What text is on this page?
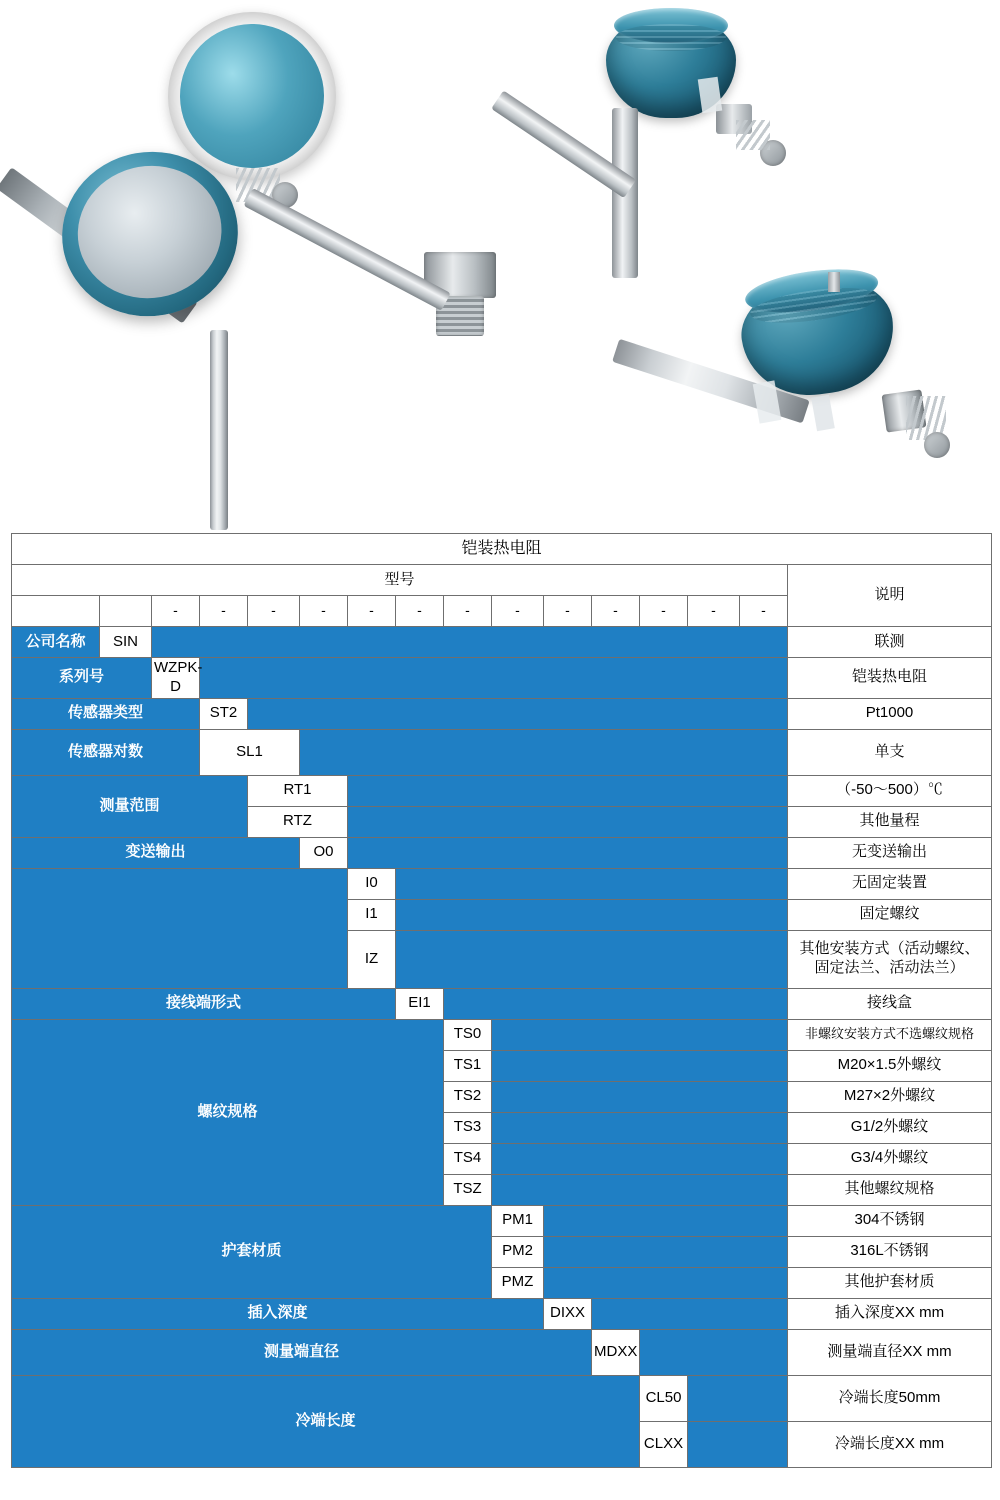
铠装热电阻															
型号															说明
		-	-	-	-	-	-	-	-	-	-	-	-	-	
公司名称	SIN														联测
系列号		WZPK-D													铠装热电阻
传感器类型			ST2												Pt1000
传感器对数			SL1												单支
测量范围				RT1											（-50～500）℃
				RTZ											其他量程
变送输出					O0										无变送输出
						I0									无固定装置
						I1									固定螺纹
						IZ									其他安装方式（活动螺纹、
固定法兰、活动法兰）

接线端形式							EI1								接线盒
螺纹规格								TS0							非螺纹安装方式不选螺纹规格
								TS1							M20×1.5外螺纹
								TS2							M27×2外螺纹
								TS3							G1/2外螺纹
								TS4							G3/4外螺纹
								TSZ							其他螺纹规格
护套材质									PM1						304不锈钢
									PM2						316L不锈钢
									PMZ						其他护套材质
插入深度										DIXX					插入深度XX mm
测量端直径											MDXX				测量端直径XX mm
冷端长度												CL50			冷端长度50mm
												CLXX			冷端长度XX mm
